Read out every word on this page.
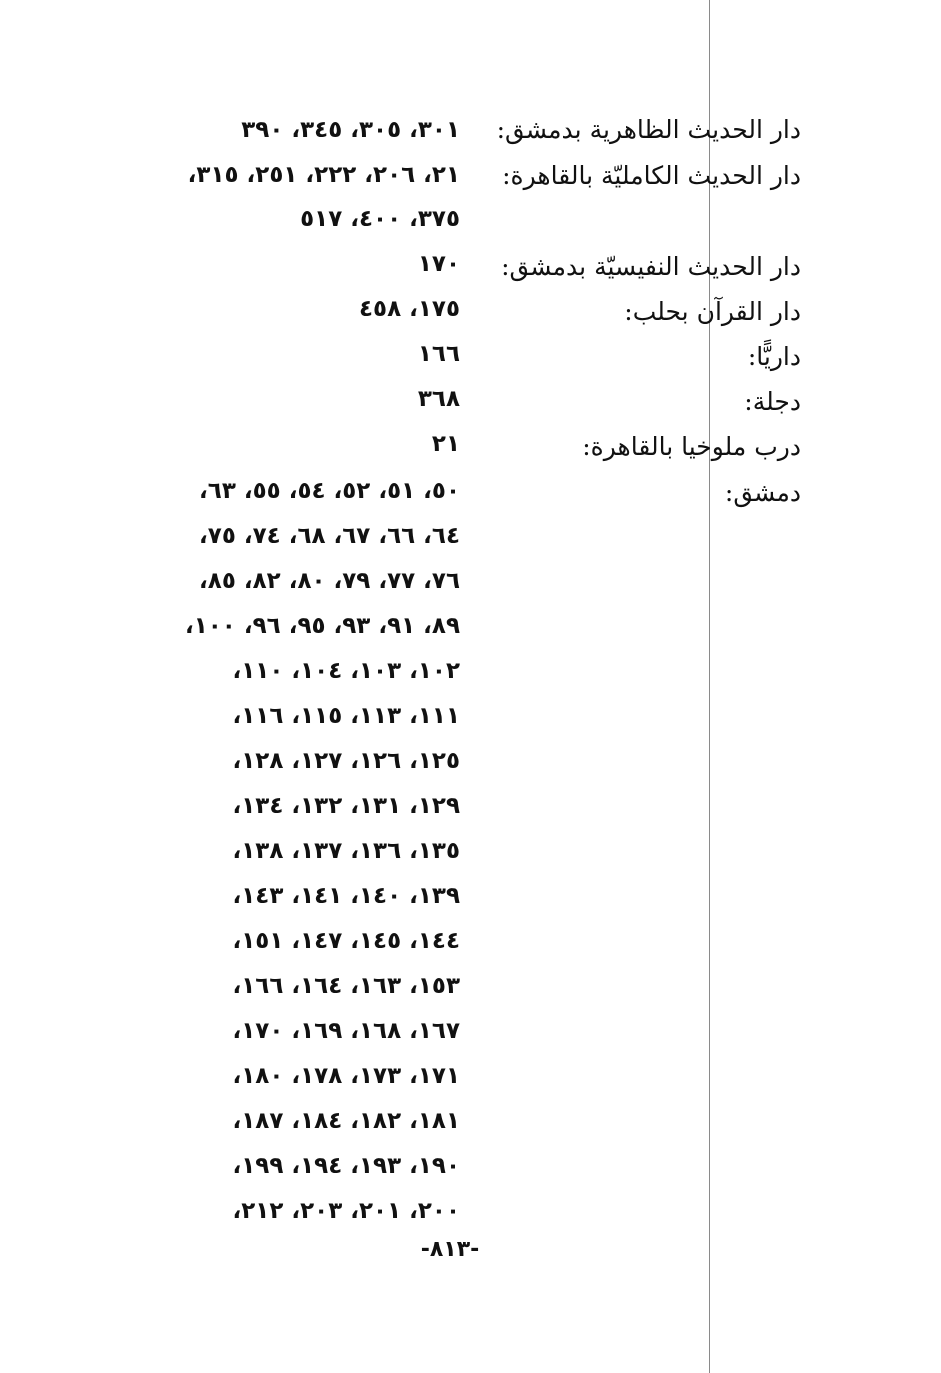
دار الحديث الظاهرية بدمشق:
٣٠١، ٣٠٥، ٣٤٥، ٣٩٠
دار الحديث الكامليّة بالقاهرة:
٢١، ٢٠٦، ٢٢٢، ٢٥١، ٣١٥،
٣٧٥، ٤٠٠، ٥١٧
دار الحديث النفيسيّة بدمشق:
١٧٠
دار القرآن بحلب:
١٧٥، ٤٥٨
داريًّا:
١٦٦
دجلة:
٣٦٨
درب ملوخيا بالقاهرة:
٢١
دمشق:
٥٠، ٥١، ٥٢، ٥٤، ٥٥، ٦٣،
٦٤، ٦٦، ٦٧، ٦٨، ٧٤، ٧٥،
٧٦، ٧٧، ٧٩، ٨٠، ٨٢، ٨٥،
٨٩، ٩١، ٩٣، ٩٥، ٩٦، ١٠٠،
١٠٢، ١٠٣، ١٠٤، ١١٠،
١١١، ١١٣، ١١٥، ١١٦،
١٢٥، ١٢٦، ١٢٧، ١٢٨،
١٢٩، ١٣١، ١٣٢، ١٣٤،
١٣٥، ١٣٦، ١٣٧، ١٣٨،
١٣٩، ١٤٠، ١٤١، ١٤٣،
١٤٤، ١٤٥، ١٤٧، ١٥١،
١٥٣، ١٦٣، ١٦٤، ١٦٦،
١٦٧، ١٦٨، ١٦٩، ١٧٠،
١٧١، ١٧٣، ١٧٨، ١٨٠،
١٨١، ١٨٢، ١٨٤، ١٨٧،
١٩٠، ١٩٣، ١٩٤، ١٩٩،
٢٠٠، ٢٠١، ٢٠٣، ٢١٢،
-٨١٣-
